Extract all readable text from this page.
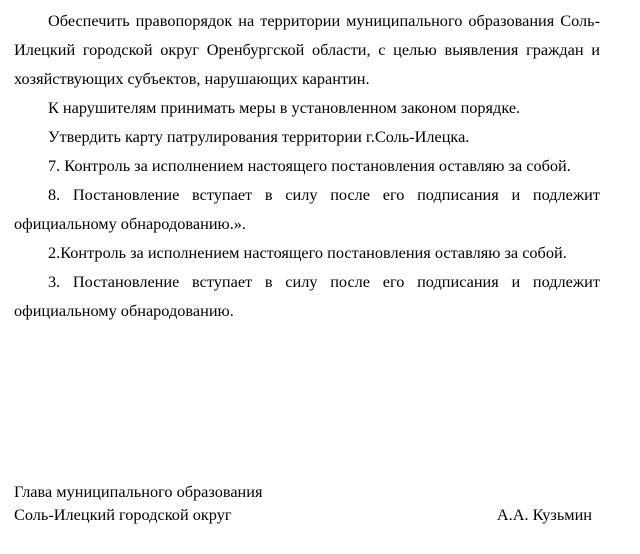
Обеспечить правопорядок на территории муниципального образования Соль-Илецкий городской округ Оренбургской области, с целью выявления граждан и хозяйствующих субъектов, нарушающих карантин.

К нарушителям принимать меры в установленном законом порядке.

Утвердить карту патрулирования территории г.Соль-Илецка.

7. Контроль за исполнением настоящего постановления оставляю за собой.

8. Постановление вступает в силу после его подписания и подлежит официальному обнародованию.».

2.Контроль за исполнением настоящего постановления оставляю за собой.

3. Постановление вступает в силу после его подписания и подлежит официальному обнародованию.

Глава муниципального образования
Соль-Илецкий городской округ	А.А. Кузьмин
